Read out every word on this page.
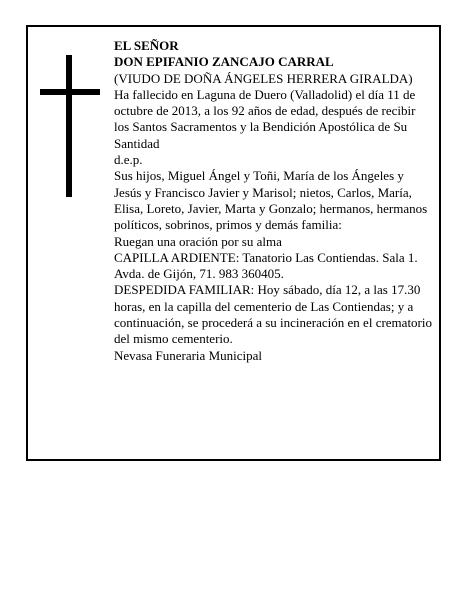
EL SEÑOR

DON EPIFANIO ZANCAJO CARRAL

(VIUDO DE DOÑA ÁNGELES HERRERA GIRALDA)

Ha fallecido en Laguna de Duero (Valladolid) el día 11 de octubre de 2013, a los 92 años de edad, después de recibir los Santos Sacramentos y la Bendición Apostólica de Su Santidad

d.e.p.

Sus hijos, Miguel Ángel y Toñi, María de los Ángeles y Jesús y Francisco Javier y Marisol; nietos, Carlos, María, Elisa, Loreto, Javier, Marta y Gonzalo; hermanos, hermanos políticos, sobrinos, primos y demás familia:

Ruegan una oración por su alma

CAPILLA ARDIENTE: Tanatorio Las Contiendas. Sala 1. Avda. de Gijón, 71. 983 360405.

DESPEDIDA FAMILIAR: Hoy sábado, día 12, a las 17.30 horas, en la capilla del cementerio de Las Contiendas; y a continuación, se procederá a su incineración en el crematorio del mismo cementerio.

Nevasa Funeraria Municipal
